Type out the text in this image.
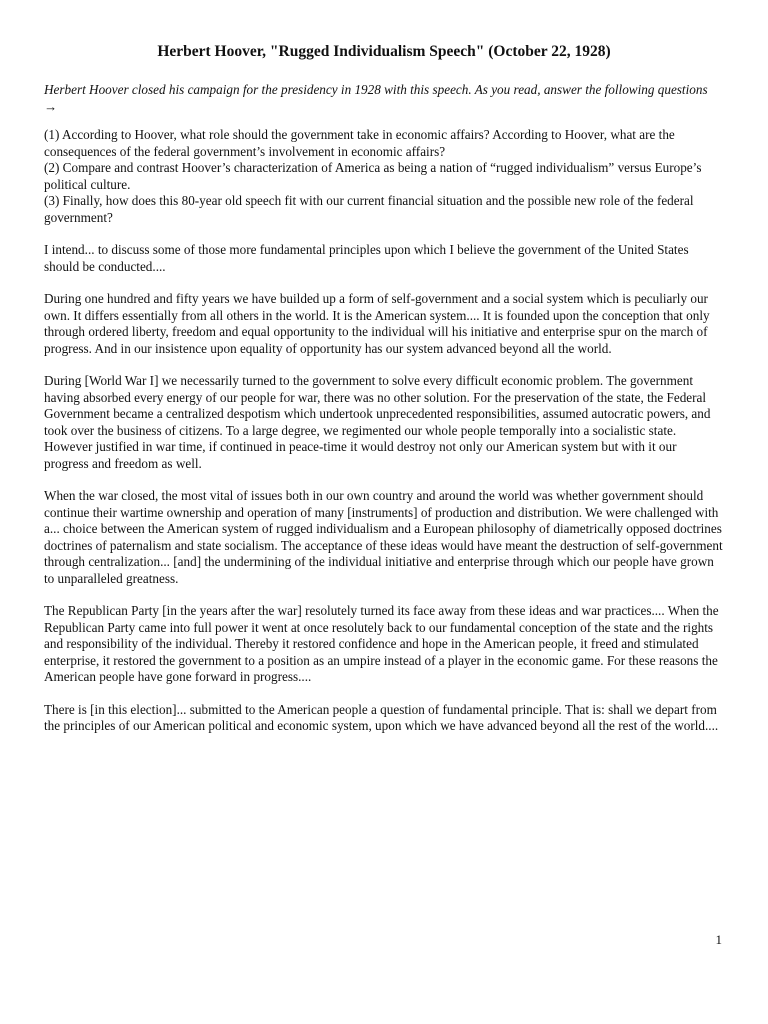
Herbert Hoover, "Rugged Individualism Speech" (October 22, 1928)
Herbert Hoover closed his campaign for the presidency in 1928 with this speech. As you read, answer the following questions →
(1) According to Hoover, what role should the government take in economic affairs? According to Hoover, what are the consequences of the federal government’s involvement in economic affairs?
(2) Compare and contrast Hoover’s characterization of America as being a nation of “rugged individualism” versus Europe’s political culture.
(3) Finally, how does this 80-year old speech fit with our current financial situation and the possible new role of the federal government?
I intend... to discuss some of those more fundamental principles upon which I believe the government of the United States should be conducted....
During one hundred and fifty years we have builded up a form of self-government and a social system which is peculiarly our own. It differs essentially from all others in the world. It is the American system.... It is founded upon the conception that only through ordered liberty, freedom and equal opportunity to the individual will his initiative and enterprise spur on the march of progress. And in our insistence upon equality of opportunity has our system advanced beyond all the world.
During [World War I] we necessarily turned to the government to solve every difficult economic problem. The government having absorbed every energy of our people for war, there was no other solution. For the preservation of the state, the Federal Government became a centralized despotism which undertook unprecedented responsibilities, assumed autocratic powers, and took over the business of citizens. To a large degree, we regimented our whole people temporally into a socialistic state. However justified in war time, if continued in peace-time it would destroy not only our American system but with it our progress and freedom as well.
When the war closed, the most vital of issues both in our own country and around the world was whether government should continue their wartime ownership and operation of many [instruments] of production and distribution. We were challenged with a... choice between the American system of rugged individualism and a European philosophy of diametrically opposed doctrines doctrines of paternalism and state socialism. The acceptance of these ideas would have meant the destruction of self-government through centralization... [and] the undermining of the individual initiative and enterprise through which our people have grown to unparalleled greatness.
The Republican Party [in the years after the war] resolutely turned its face away from these ideas and war practices.... When the Republican Party came into full power it went at once resolutely back to our fundamental conception of the state and the rights and responsibility of the individual. Thereby it restored confidence and hope in the American people, it freed and stimulated enterprise, it restored the government to a position as an umpire instead of a player in the economic game. For these reasons the American people have gone forward in progress....
There is [in this election]... submitted to the American people a question of fundamental principle. That is: shall we depart from the principles of our American political and economic system, upon which we have advanced beyond all the rest of the world....
1
